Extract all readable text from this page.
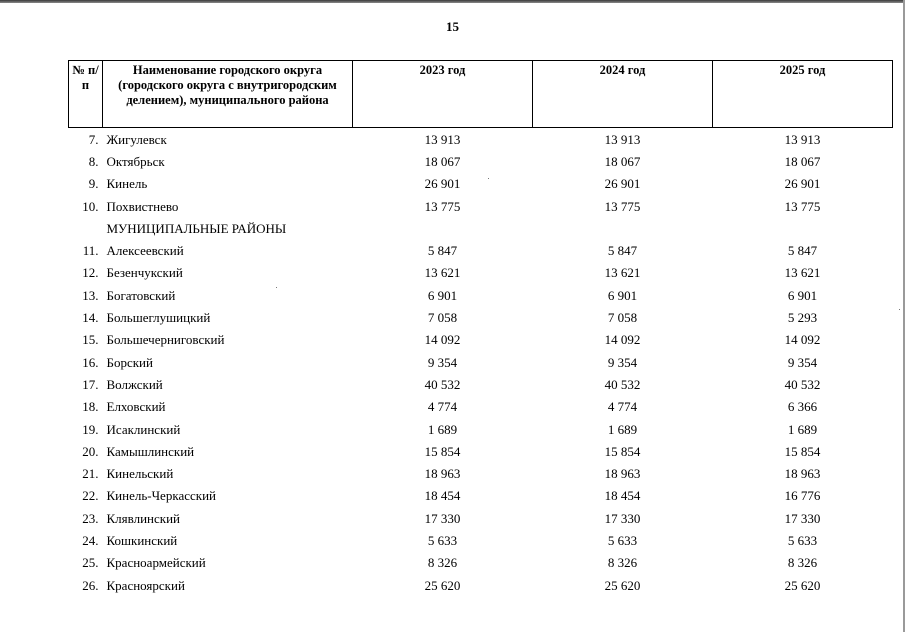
15
№ п/п	Наименование городского округа (городского округа с внутригородским делением), муниципального района	2023 год	2024 год	2025 год
7.	Жигулевск	13 913	13 913	13 913
8.	Октябрьск	18 067	18 067	18 067
9.	Кинель	26 901	26 901	26 901
10.	Похвистнево	13 775	13 775	13 775
	МУНИЦИПАЛЬНЫЕ РАЙОНЫ			
11.	Алексеевский	5 847	5 847	5 847
12.	Безенчукский	13 621	13 621	13 621
13.	Богатовский	6 901	6 901	6 901
14.	Большеглушицкий	7 058	7 058	5 293
15.	Большечерниговский	14 092	14 092	14 092
16.	Борский	9 354	9 354	9 354
17.	Волжский	40 532	40 532	40 532
18.	Елховский	4 774	4 774	6 366
19.	Исаклинский	1 689	1 689	1 689
20.	Камышлинский	15 854	15 854	15 854
21.	Кинельский	18 963	18 963	18 963
22.	Кинель-Черкасский	18 454	18 454	16 776
23.	Клявлинский	17 330	17 330	17 330
24.	Кошкинский	5 633	5 633	5 633
25.	Красноармейский	8 326	8 326	8 326
26.	Красноярский	25 620	25 620	25 620
